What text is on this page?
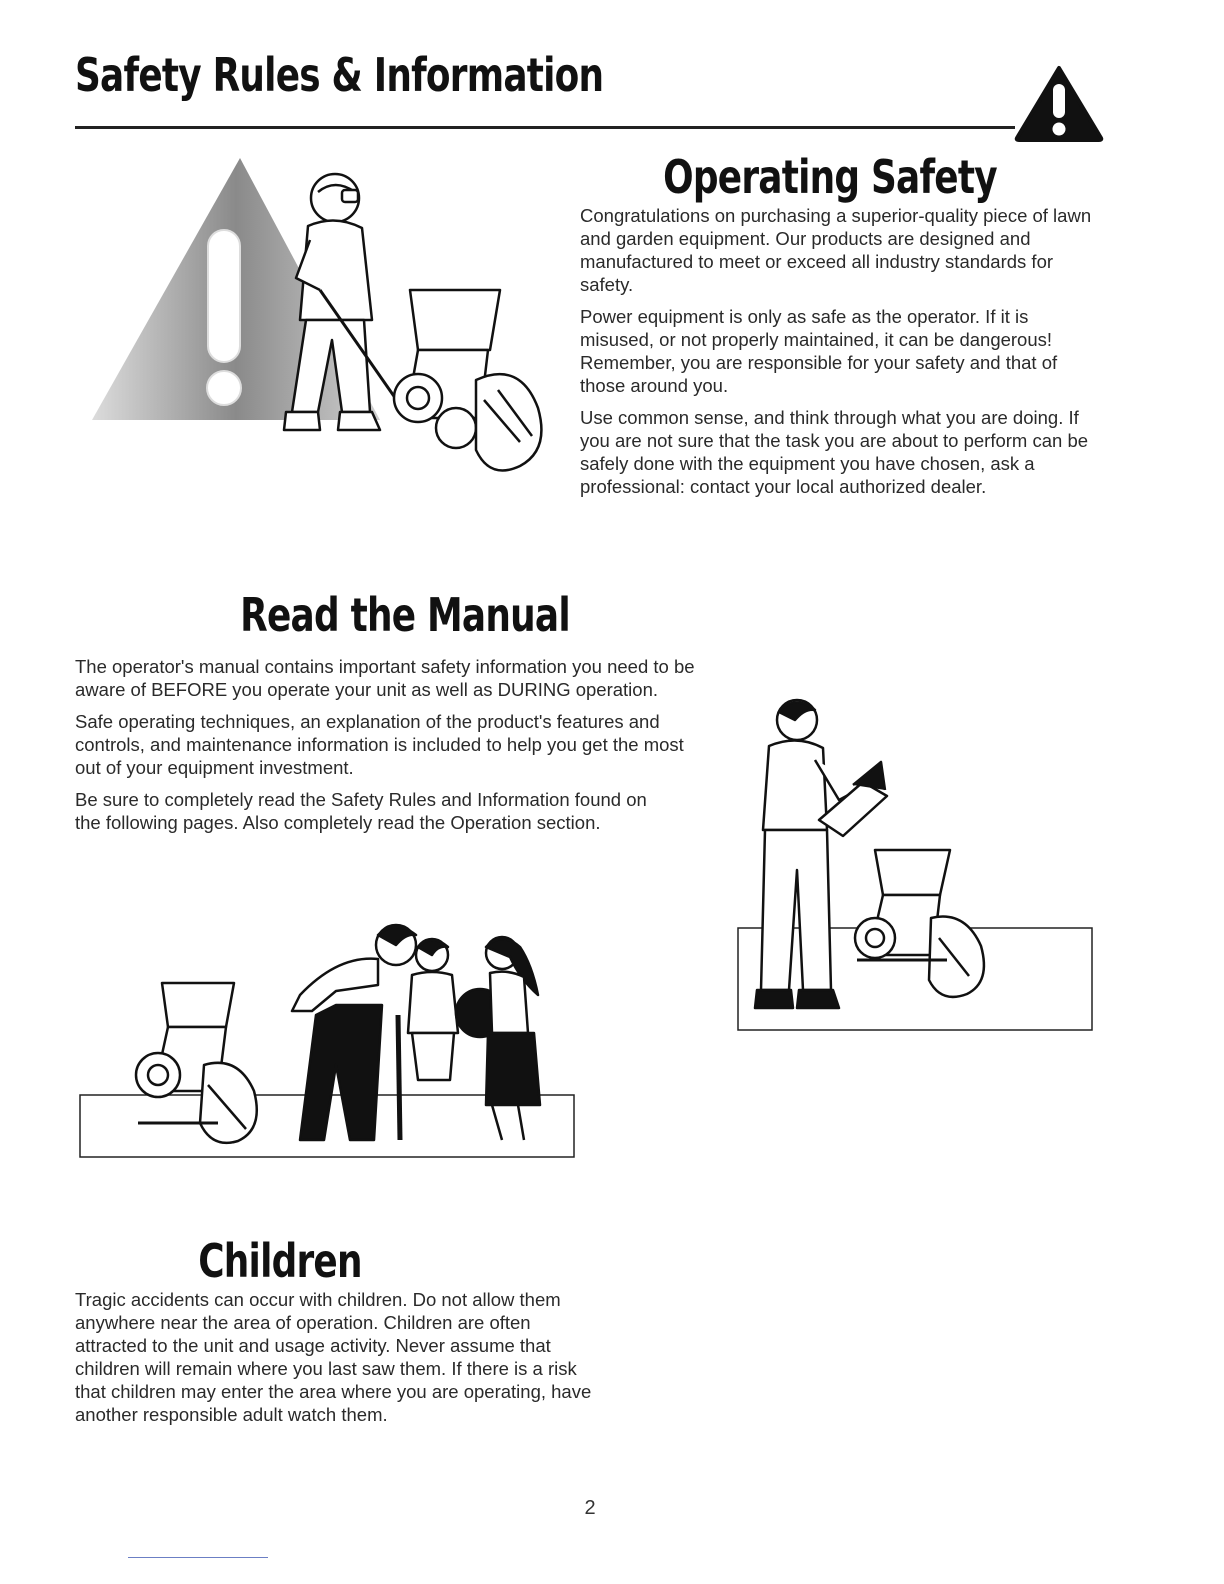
Safety Rules & Information
Operating Safety

Congratulations on purchasing a superior-quality piece of lawn and garden equipment. Our products are designed and manufactured to meet or exceed all industry standards for safety.

Power equipment is only as safe as the operator. If it is misused, or not properly maintained, it can be dangerous! Remember, you are responsible for your safety and that of those around you.

Use common sense, and think through what you are doing. If you are not sure that the task you are about to perform can be safely done with the equipment you have chosen, ask a professional: contact your local authorized dealer.

Read the Manual

The operator's manual contains important safety information you need to be aware of BEFORE you operate your unit as well as DURING operation.

Safe operating techniques, an explanation of the product's features and controls, and maintenance information is included to help you get the most out of your equipment investment.

Be sure to completely read the Safety Rules and Information found on the following pages. Also completely read the Operation section.

Children

Tragic accidents can occur with children. Do not allow them anywhere near the area of operation. Children are often attracted to the unit and usage activity. Never assume that children will remain where you last saw them. If there is a risk that children may enter the area where you are operating, have another responsible adult watch them.

2
